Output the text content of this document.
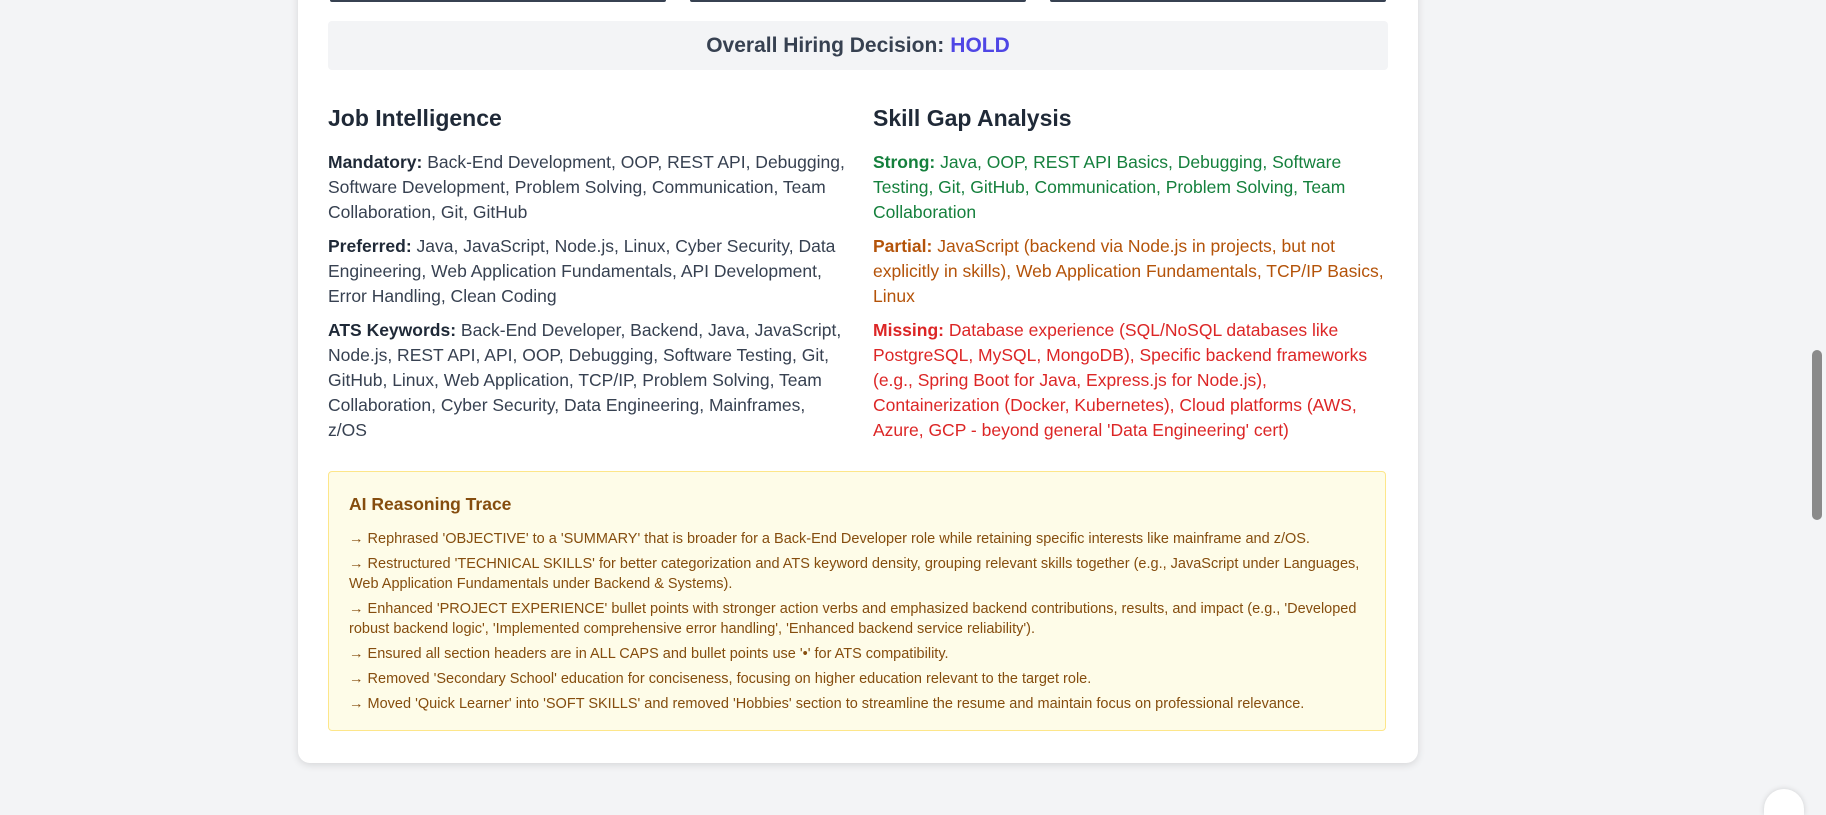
Overall Hiring Decision: HOLD
Job Intelligence

Mandatory: Back-End Development, OOP, REST API, Debugging, Software Development, Problem Solving, Communication, Team Collaboration, Git, GitHub

Preferred: Java, JavaScript, Node.js, Linux, Cyber Security, Data Engineering, Web Application Fundamentals, API Development, Error Handling, Clean Coding

ATS Keywords: Back-End Developer, Backend, Java, JavaScript, Node.js, REST API, API, OOP, Debugging, Software Testing, Git, GitHub, Linux, Web Application, TCP/IP, Problem Solving, Team Collaboration, Cyber Security, Data Engineering, Mainframes, z/OS

Skill Gap Analysis

Strong: Java, OOP, REST API Basics, Debugging, Software Testing, Git, GitHub, Communication, Problem Solving, Team Collaboration

Partial: JavaScript (backend via Node.js in projects, but not explicitly in skills), Web Application Fundamentals, TCP/IP Basics, Linux

Missing: Database experience (SQL/NoSQL databases like PostgreSQL, MySQL, MongoDB), Specific backend frameworks (e.g., Spring Boot for Java, Express.js for Node.js), Containerization (Docker, Kubernetes), Cloud platforms (AWS, Azure, GCP - beyond general 'Data Engineering' cert)

AI Reasoning Trace
→ Rephrased 'OBJECTIVE' to a 'SUMMARY' that is broader for a Back-End Developer role while retaining specific interests like mainframe and z/OS.
→ Restructured 'TECHNICAL SKILLS' for better categorization and ATS keyword density, grouping relevant skills together (e.g., JavaScript under Languages, Web Application Fundamentals under Backend & Systems).
→ Enhanced 'PROJECT EXPERIENCE' bullet points with stronger action verbs and emphasized backend contributions, results, and impact (e.g., 'Developed robust backend logic', 'Implemented comprehensive error handling', 'Enhanced backend service reliability').
→ Ensured all section headers are in ALL CAPS and bullet points use '•' for ATS compatibility.
→ Removed 'Secondary School' education for conciseness, focusing on higher education relevant to the target role.
→ Moved 'Quick Learner' into 'SOFT SKILLS' and removed 'Hobbies' section to streamline the resume and maintain focus on professional relevance.
